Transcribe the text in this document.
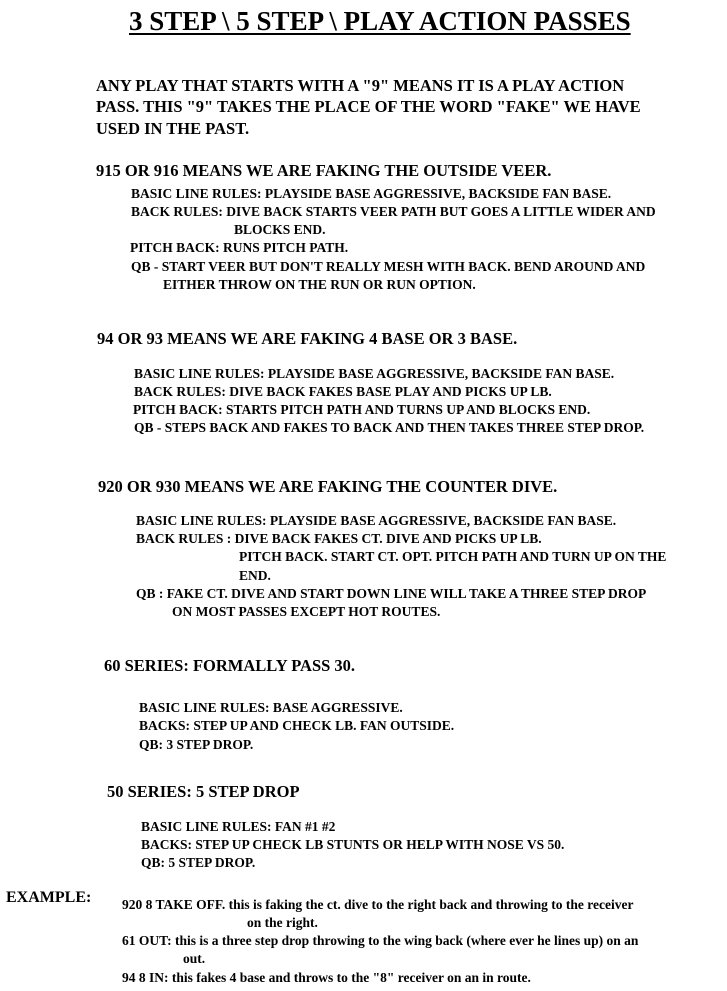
3 STEP \ 5 STEP \ PLAY ACTION PASSES
ANY PLAY THAT STARTS WITH A "9" MEANS IT IS A PLAY ACTION
PASS. THIS "9" TAKES THE PLACE OF THE WORD "FAKE" WE HAVE
USED IN THE PAST.
915 OR 916 MEANS WE ARE FAKING THE OUTSIDE VEER.
BASIC LINE RULES: PLAYSIDE BASE AGGRESSIVE, BACKSIDE FAN BASE.
BACK RULES: DIVE BACK STARTS VEER PATH BUT GOES A LITTLE WIDER AND
BLOCKS END.
PITCH BACK: RUNS PITCH PATH.
QB - START VEER BUT DON'T REALLY MESH WITH BACK. BEND AROUND AND
EITHER THROW ON THE RUN OR RUN OPTION.
94 OR 93 MEANS WE ARE FAKING 4 BASE OR 3 BASE.
BASIC LINE RULES: PLAYSIDE BASE AGGRESSIVE, BACKSIDE FAN BASE.
BACK RULES: DIVE BACK FAKES BASE PLAY AND PICKS UP LB.
PITCH BACK: STARTS PITCH PATH AND TURNS UP AND BLOCKS END.
QB - STEPS BACK AND FAKES TO BACK AND THEN TAKES THREE STEP DROP.
920 OR 930 MEANS WE ARE FAKING THE COUNTER DIVE.
BASIC LINE RULES: PLAYSIDE BASE AGGRESSIVE, BACKSIDE FAN BASE.
BACK RULES : DIVE BACK FAKES CT. DIVE AND PICKS UP LB.
PITCH BACK. START CT. OPT. PITCH PATH AND TURN UP ON THE
END.
QB : FAKE CT. DIVE AND START DOWN LINE WILL TAKE A THREE STEP DROP
ON MOST PASSES EXCEPT HOT ROUTES.
60 SERIES: FORMALLY PASS 30.
BASIC LINE RULES: BASE AGGRESSIVE.
BACKS: STEP UP AND CHECK LB. FAN OUTSIDE.
QB: 3 STEP DROP.
50 SERIES: 5 STEP DROP
BASIC LINE RULES: FAN #1 #2
BACKS: STEP UP CHECK LB STUNTS OR HELP WITH NOSE VS 50.
QB: 5 STEP DROP.
EXAMPLE: 920 8 TAKE OFF. this is faking the ct. dive to the right back and throwing to the receiver
on the right.
61 OUT: this is a three step drop throwing to the wing back (where ever he lines up) on an
out.
94 8 IN: this fakes 4 base and throws to the "8" receiver on an in route.
